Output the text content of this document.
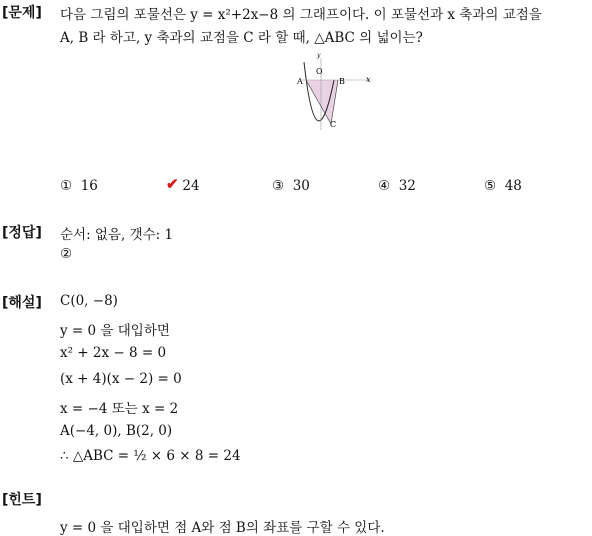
[문제] 다음 그림의 포물선은 y = x²+2x−8 의 그래프이다. 이 포물선과 x 축과의 교점을
A, B 라 하고, y 축과의 교점을 C 라 할 때, △ABC 의 넓이는?
y
O
A	B	x
C
① 16	✔ 24	③ 30	④ 32	⑤ 48
[정답] 순서: 없음, 갯수: 1
②
[해설] C(0, −8)
y = 0 을 대입하면
x² + 2x − 8 = 0
(x + 4)(x − 2) = 0
x = −4 또는 x = 2
A(−4, 0), B(2, 0)
∴ △ABC = ½ × 6 × 8 = 24
[힌트]
y = 0 을 대입하면 점 A와 점 B의 좌표를 구할 수 있다.
